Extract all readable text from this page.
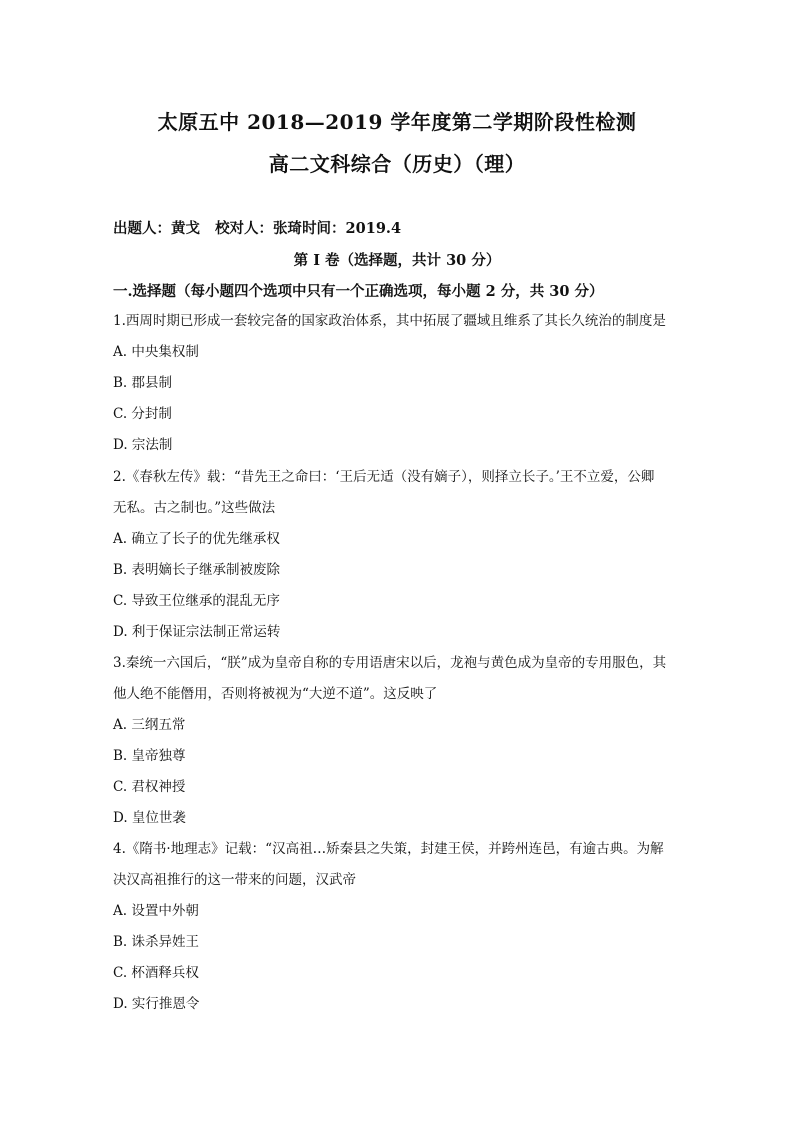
太原五中 2018—2019 学年度第二学期阶段性检测
高二文科综合（历史）（理）
出题人：黄戈 校对人：张琦时间：2019.4
第 I 卷（选择题，共计 30 分）
一.选择题（每小题四个选项中只有一个正确选项，每小题 2 分，共 30 分）

1.西周时期已形成一套较完备的国家政治体系，其中拓展了疆域且维系了其长久统治的制度是

A. 中央集权制

B. 郡县制

C. 分封制

D. 宗法制

2.《春秋左传》载：“昔先王之命曰：‘王后无适（没有嫡子），则择立长子。’王不立爱，公卿

无私。古之制也。”这些做法

A. 确立了长子的优先继承权

B. 表明嫡长子继承制被废除

C. 导致王位继承的混乱无序

D. 利于保证宗法制正常运转

3.秦统一六国后，“朕”成为皇帝自称的专用语唐宋以后，龙袍与黄色成为皇帝的专用服色，其

他人绝不能僭用，否则将被视为“大逆不道”。这反映了

A. 三纲五常

B. 皇帝独尊

C. 君权神授

D. 皇位世袭

4.《隋书·地理志》记载：“汉高祖…矫秦县之失策，封建王侯，并跨州连邑，有逾古典。为解

决汉高祖推行的这一带来的问题，汉武帝

A. 设置中外朝

B. 诛杀异姓王

C. 杯酒释兵权

D. 实行推恩令
